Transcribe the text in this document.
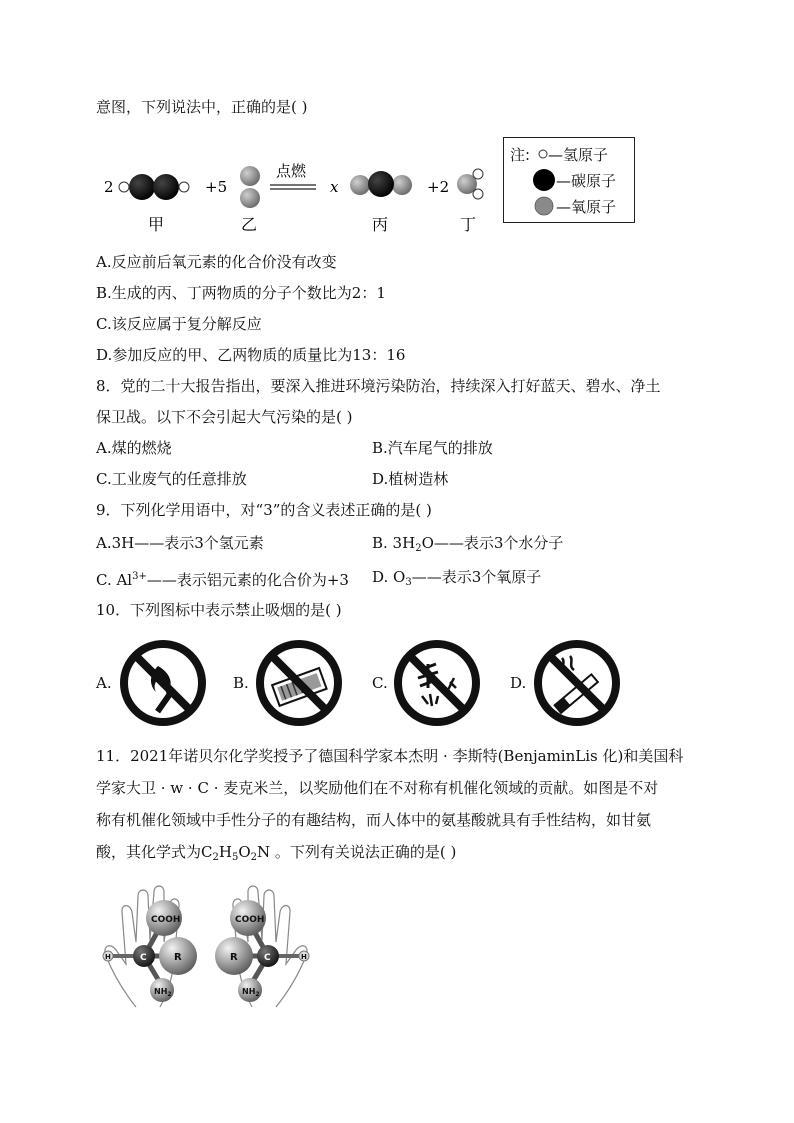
意图，下列说法中，正确的是( )
2
甲
+5
乙
点燃
x
丙
+2
丁
注: —氢原子
—碳原子
—氧原子
A.反应前后氧元素的化合价没有改变
B.生成的丙、丁两物质的分子个数比为2：1
C.该反应属于复分解反应
D.参加反应的甲、乙两物质的质量比为13：16
8．党的二十大报告指出，要深入推进环境污染防治，持续深入打好蓝天、碧水、净土
保卫战。以下不会引起大气污染的是( )
A.煤的燃烧	B.汽车尾气的排放
C.工业废气的任意排放	D.植树造林
9．下列化学用语中，对“3”的含义表述正确的是( )
A.3H——表示3个氢元素	B. $3H_2O——$表示3个水分子
C. $Al^{3+}——$表示铝元素的化合价为+3 D. $O_3——$表示3个氧原子
10．下列图标中表示禁止吸烟的是( )
A.	B.	C.	D.
11．2021年诺贝尔化学奖授予了德国科学家本杰明 · 李斯特(BenjaminLis 化)和美国科
学家大卫 · w · C · 麦克米兰，以奖励他们在不对称有机催化领域的贡献。如图是不对
称有机催化领域中手性分子的有趣结构，而人体中的氨基酸就具有手性结构，如甘氨
酸，其化学式为$C_2H_5O_2N$ 。下列有关说法正确的是( )
COOH
R
C
H
$NH_2$
COOH
R	C	H
$NH_2$
